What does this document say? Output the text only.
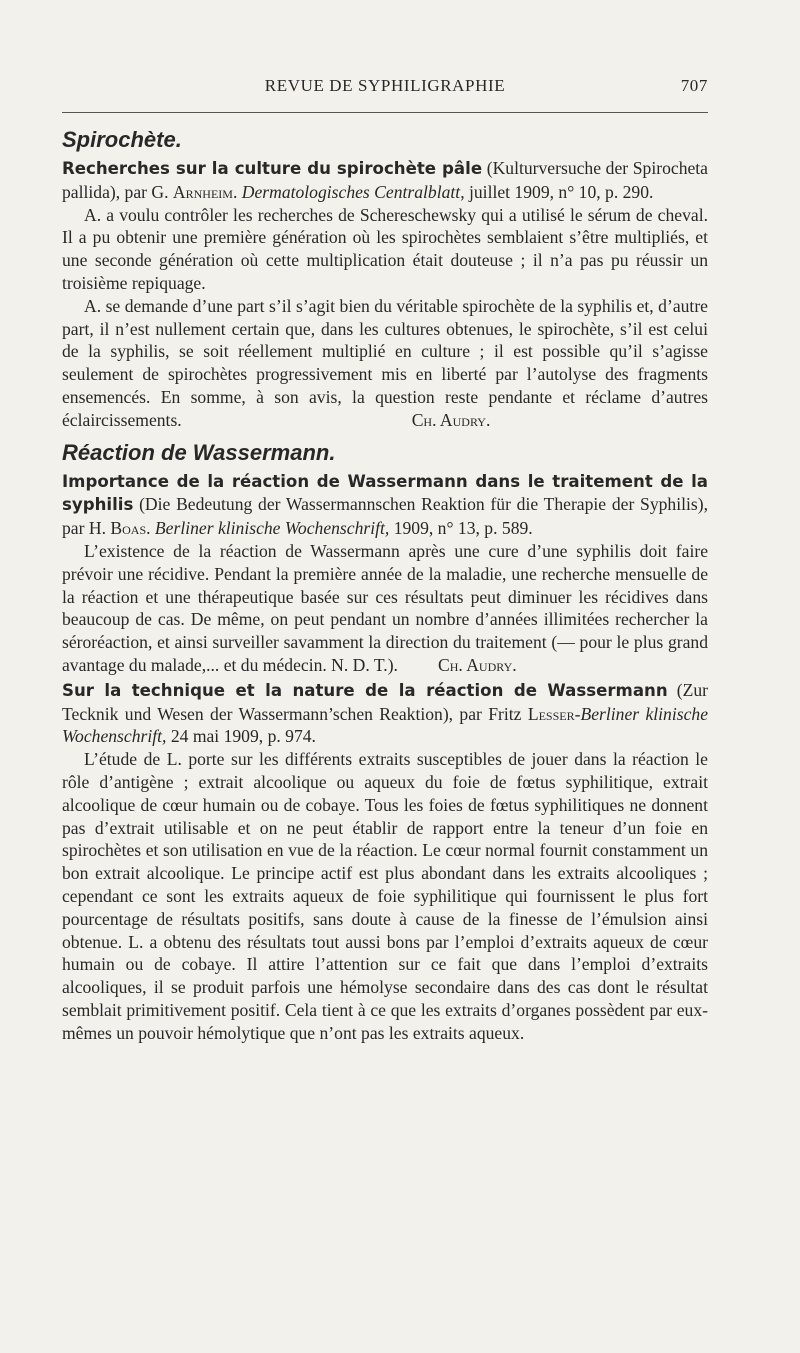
REVUE DE SYPHILIGRAPHIE	707
Spirochète.

Recherches sur la culture du spirochète pâle (Kulturversuche der Spirocheta pallida), par G. Arnheim. Dermatologisches Centralblatt, juillet 1909, n° 10, p. 290.

A. a voulu contrôler les recherches de Schereschewsky qui a utilisé le sérum de cheval. Il a pu obtenir une première génération où les spirochètes semblaient s’être multipliés, et une seconde génération où cette multiplication était douteuse ; il n’a pas pu réussir un troisième repiquage.

A. se demande d’une part s’il s’agit bien du véritable spirochète de la syphilis et, d’autre part, il n’est nullement certain que, dans les cultures obtenues, le spirochète, s’il est celui de la syphilis, se soit réellement multiplié en culture ; il est possible qu’il s’agisse seulement de spirochètes progressivement mis en liberté par l’autolyse des fragments ensemencés. En somme, à son avis, la question reste pendante et réclame d’autres éclaircissements.	Ch. Audry.

Réaction de Wassermann.

Importance de la réaction de Wassermann dans le traitement de la syphilis (Die Bedeutung der Wassermannschen Reaktion für die Therapie der Syphilis), par H. Boas. Berliner klinische Wochenschrift, 1909, n° 13, p. 589.

L’existence de la réaction de Wassermann après une cure d’une syphilis doit faire prévoir une récidive. Pendant la première année de la maladie, une recherche mensuelle de la réaction et une thérapeutique basée sur ces résultats peut diminuer les récidives dans beaucoup de cas. De même, on peut pendant un nombre d’années illimitées rechercher la séroréaction, et ainsi surveiller savamment la direction du traitement (— pour le plus grand avantage du malade,... et du médecin. N. D. T.). Ch. Audry.

Sur la technique et la nature de la réaction de Wassermann (Zur Tecknik und Wesen der Wassermann’schen Reaktion), par Fritz Lesser-Berliner klinische Wochenschrift, 24 mai 1909, p. 974.

L’étude de L. porte sur les différents extraits susceptibles de jouer dans la réaction le rôle d’antigène ; extrait alcoolique ou aqueux du foie de fœtus syphilitique, extrait alcoolique de cœur humain ou de cobaye. Tous les foies de fœtus syphilitiques ne donnent pas d’extrait utilisable et on ne peut établir de rapport entre la teneur d’un foie en spirochètes et son utilisation en vue de la réaction. Le cœur normal fournit constamment un bon extrait alcoolique. Le principe actif est plus abondant dans les extraits alcooliques ; cependant ce sont les extraits aqueux de foie syphilitique qui fournissent le plus fort pourcentage de résultats positifs, sans doute à cause de la finesse de l’émulsion ainsi obtenue. L. a obtenu des résultats tout aussi bons par l’emploi d’extraits aqueux de cœur humain ou de cobaye. Il attire l’attention sur ce fait que dans l’emploi d’extraits alcooliques, il se produit parfois une hémolyse secondaire dans des cas dont le résultat semblait primitivement positif. Cela tient à ce que les extraits d’organes possèdent par eux-mêmes un pouvoir hémolytique que n’ont pas les extraits aqueux.
